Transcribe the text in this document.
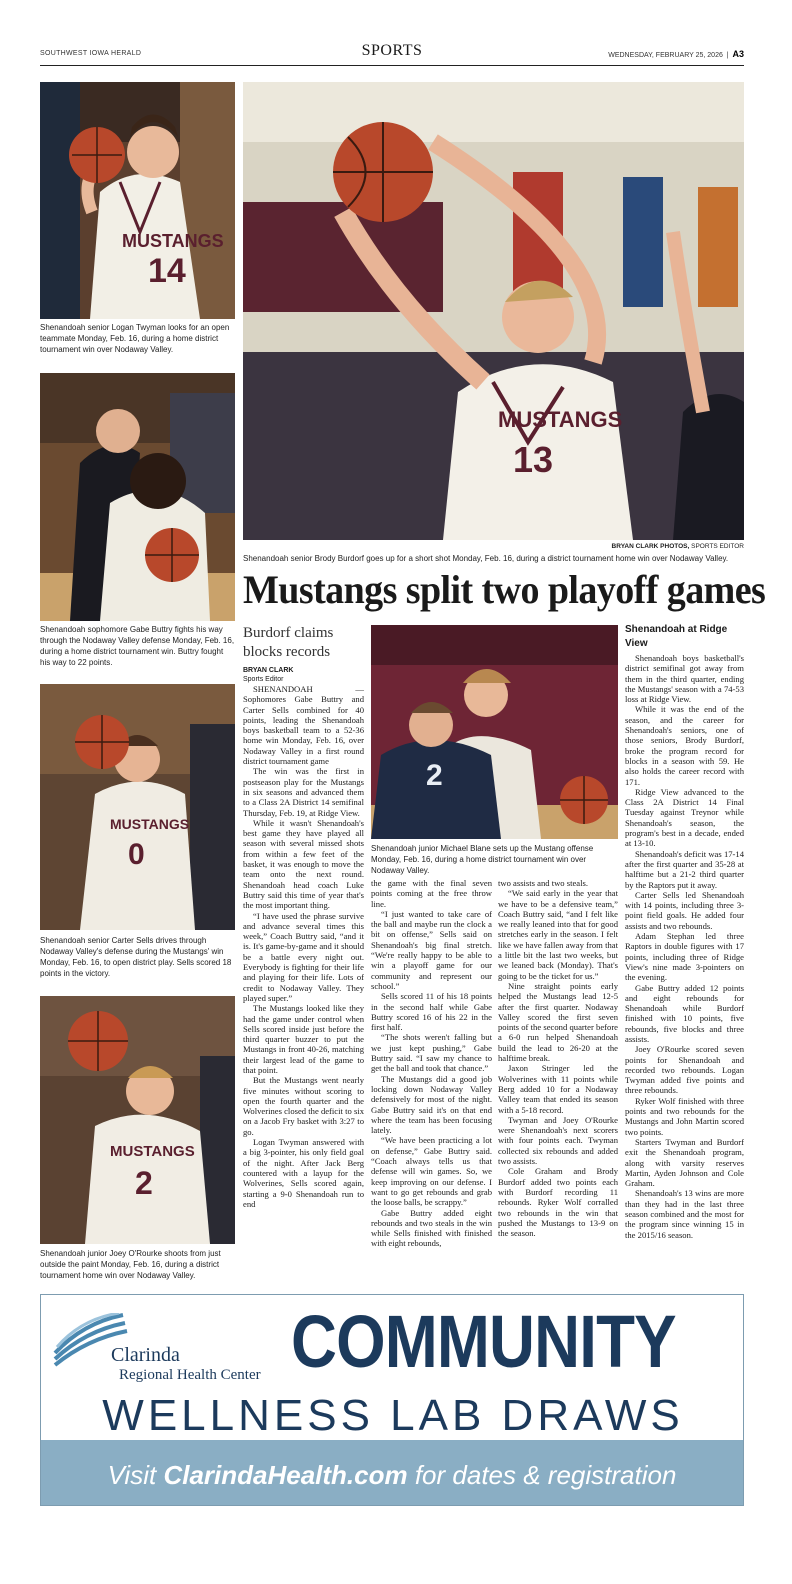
SOUTHWEST IOWA HERALD	SPORTS	WEDNESDAY, FEBRUARY 25, 2026  |  A3
MUSTANGS
14
Shenandoah senior Logan Twyman looks for an open teammate Monday, Feb. 16, during a home district tournament win over Nodaway Valley.
Shenandoah sophomore Gabe Buttry fights his way through the Nodaway Valley defense Monday, Feb. 16, during a home district tournament win. Buttry fought his way to 22 points.
MUSTANGS
0
Shenandoah senior Carter Sells drives through Nodaway Valley's defense during the Mustangs' win Monday, Feb. 16, to open district play. Sells scored 18 points in the victory.
MUSTANGS
2
Shenandoah junior Joey O'Rourke shoots from just outside the paint Monday, Feb. 16, during a district tournament home win over Nodaway Valley.
MUSTANGS
13
BRYAN CLARK PHOTOS, SPORTS EDITOR
Shenandoah senior Brody Burdorf goes up for a short shot Monday, Feb. 16, during a district tournament home win over Nodaway Valley.
Mustangs split two playoff games
Burdorf claims blocks records
BRYAN CLARK
Sports Editor
2
Shenandoah junior Michael Blane sets up the Mustang offense Monday, Feb. 16, during a home district tournament win over Nodaway Valley.

SHENANDOAH — Sophomores Gabe Buttry and Carter Sells combined for 40 points, leading the Shenandoah boys basketball team to a 52-36 home win Monday, Feb. 16, over Nodaway Valley in a first round district tournament game

The win was the first in postseason play for the Mustangs in six seasons and advanced them to a Class 2A District 14 semifinal Thursday, Feb. 19, at Ridge View.

While it wasn't Shenandoah's best game they have played all season with several missed shots from within a few feet of the basket, it was enough to move the team onto the next round. Shenandoah head coach Luke Buttry said this time of year that's the most important thing.

“I have used the phrase survive and advance several times this week,” Coach Buttry said, “and it is. It's game-by-game and it should be a battle every night out. Everybody is fighting for their life and playing for their life. Lots of credit to Nodaway Valley. They played super.”

The Mustangs looked like they had the game under control when Sells scored inside just before the third quarter buzzer to put the Mustangs in front 40-26, matching their largest lead of the game to that point.

But the Mustangs went nearly five minutes without scoring to open the fourth quarter and the Wolverines closed the deficit to six on a Jacob Fry basket with 3:27 to go.

Logan Twyman answered with a big 3-pointer, his only field goal of the night. After Jack Berg countered with a layup for the Wolverines, Sells scored again, starting a 9-0 Shenandoah run to end

the game with the final seven points coming at the free throw line.

“I just wanted to take care of the ball and maybe run the clock a bit on offense,” Sells said on Shenandoah's big final stretch. “We're really happy to be able to win a playoff game for our community and represent our school.”

Sells scored 11 of his 18 points in the second half while Gabe Buttry scored 16 of his 22 in the first half.

“The shots weren't falling but we just kept pushing,” Gabe Buttry said. “I saw my chance to get the ball and took that chance.”

The Mustangs did a good job locking down Nodaway Valley defensively for most of the night. Gabe Buttry said it's on that end where the team has been focusing lately.

“We have been practicing a lot on defense,” Gabe Buttry said. “Coach always tells us that defense will win games. So, we keep improving on our defense. I want to go get rebounds and grab the loose balls, be scrappy.”

Gabe Buttry added eight rebounds and two steals in the win while Sells finished with finished with eight rebounds,

two assists and two steals.

“We said early in the year that we have to be a defensive team,” Coach Buttry said, “and I felt like we really leaned into that for good stretches early in the season. I felt like we have fallen away from that a little bit the last two weeks, but we leaned back (Monday). That's going to be the ticket for us.”

Nine straight points early helped the Mustangs lead 12-5 after the first quarter. Nodaway Valley scored the first seven points of the second quarter before a 6-0 run helped Shenandoah build the lead to 26-20 at the halftime break.

Jaxon Stringer led the Wolverines with 11 points while Berg added 10 for a Nodaway Valley team that ended its season with a 5-18 record.

Twyman and Joey O'Rourke were Shenandoah's next scorers with four points each. Twyman collected six rebounds and added two assists.

Cole Graham and Brody Burdorf added two points each with Burdorf recording 11 rebounds. Ryker Wolf corralled two rebounds in the win that pushed the Mustangs to 13-9 on the season.

Shenandoah at Ridge View

Shenandoah boys basketball's district semifinal got away from them in the third quarter, ending the Mustangs' season with a 74-53 loss at Ridge View.

While it was the end of the season, and the career for Shenandoah's seniors, one of those seniors, Brody Burdorf, broke the program record for blocks in a season with 59. He also holds the career record with 171.

Ridge View advanced to the Class 2A District 14 Final Tuesday against Treynor while Shenandoah's season, the program's best in a decade, ended at 13-10.

Shenandoah's deficit was 17-14 after the first quarter and 35-28 at halftime but a 21-2 third quarter by the Raptors put it away.

Carter Sells led Shenandoah with 14 points, including three 3-point field goals. He added four assists and two rebounds.

Adam Stephan led three Raptors in double figures with 17 points, including three of Ridge View's nine made 3-pointers on the evening.

Gabe Buttry added 12 points and eight rebounds for Shenandoah while Burdorf finished with 10 points, five rebounds, five blocks and three assists.

Joey O'Rourke scored seven points for Shenandoah and recorded two rebounds. Logan Twyman added five points and three rebounds.

Ryker Wolf finished with three points and two rebounds for the Mustangs and John Martin scored two points.

Starters Twyman and Burdorf exit the Shenandoah program, along with varsity reserves Martin, Ayden Johnson and Cole Graham.

Shenandoah's 13 wins are more than they had in the last three season combined and the most for the program since winning 15 in the 2015/16 season.

Clarinda
Regional Health Center COMMUNITY
WELLNESS LAB DRAWS
Visit ClarindaHealth.com for dates & registration
